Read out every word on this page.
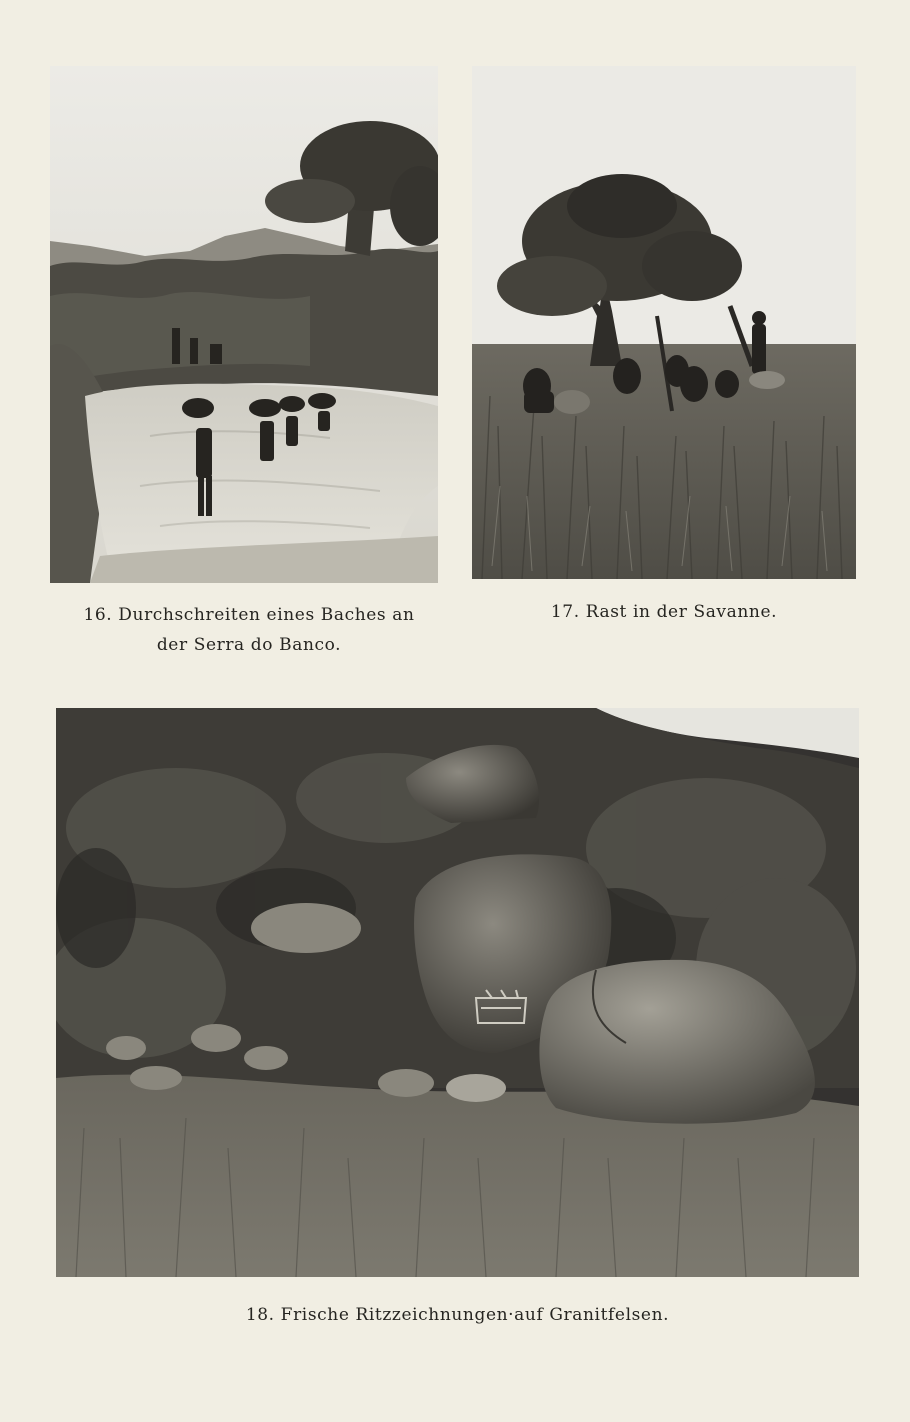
16. Durchschreiten eines Baches an
der Serra do Banco.
17. Rast in der Savanne.
18. Frische Ritzzeichnungen·auf Granitfelsen.
